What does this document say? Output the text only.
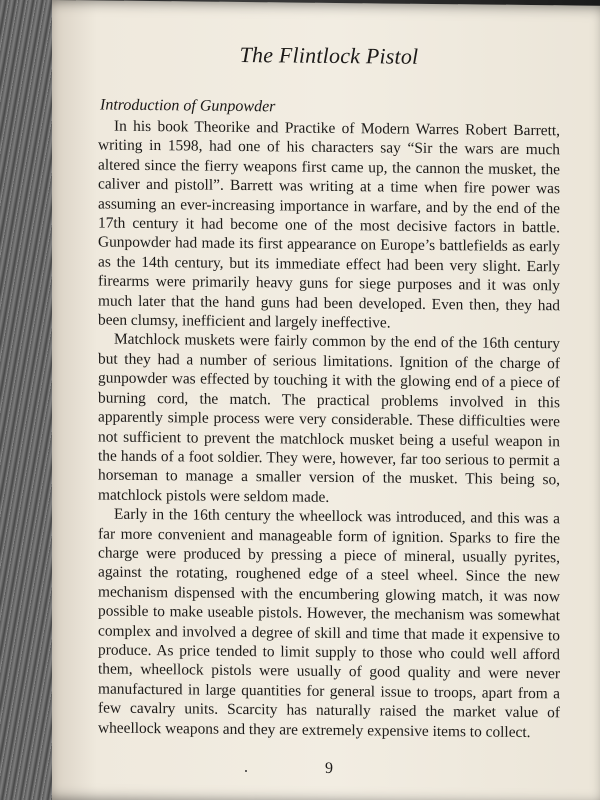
The Flintlock Pistol
Introduction of Gunpowder

In his book Theorike and Practike of Modern Warres Robert Barrett, writing in 1598, had one of his characters say “Sir the wars are much altered since the fierry weapons first came up, the cannon the musket, the caliver and pistoll”. Barrett was writing at a time when fire power was assuming an ever-increasing importance in warfare, and by the end of the 17th century it had become one of the most decisive factors in battle. Gunpowder had made its first appearance on Europe’s battlefields as early as the 14th century, but its immediate effect had been very slight. Early firearms were primarily heavy guns for siege purposes and it was only much later that the hand guns had been developed. Even then, they had been clumsy, inefficient and largely ineffective.

Matchlock muskets were fairly common by the end of the 16th century but they had a number of serious limitations. Ignition of the charge of gunpowder was effected by touching it with the glowing end of a piece of burning cord, the match. The practical problems involved in this apparently simple process were very considerable. These difficulties were not sufficient to prevent the matchlock musket being a useful weapon in the hands of a foot soldier. They were, however, far too serious to permit a horseman to manage a smaller version of the musket. This being so, matchlock pistols were seldom made.

Early in the 16th century the wheellock was introduced, and this was a far more convenient and manageable form of ignition. Sparks to fire the charge were produced by pressing a piece of mineral, usually pyrites, against the rotating, roughened edge of a steel wheel. Since the new mechanism dispensed with the encumbering glowing match, it was now possible to make useable pistols. However, the mechanism was somewhat complex and involved a degree of skill and time that made it expensive to produce. As price tended to limit supply to those who could well afford them, wheellock pistols were usually of good quality and were never manufactured in large quantities for general issue to troops, apart from a few cavalry units. Scarcity has naturally raised the market value of wheellock weapons and they are extremely expensive items to collect.

9
